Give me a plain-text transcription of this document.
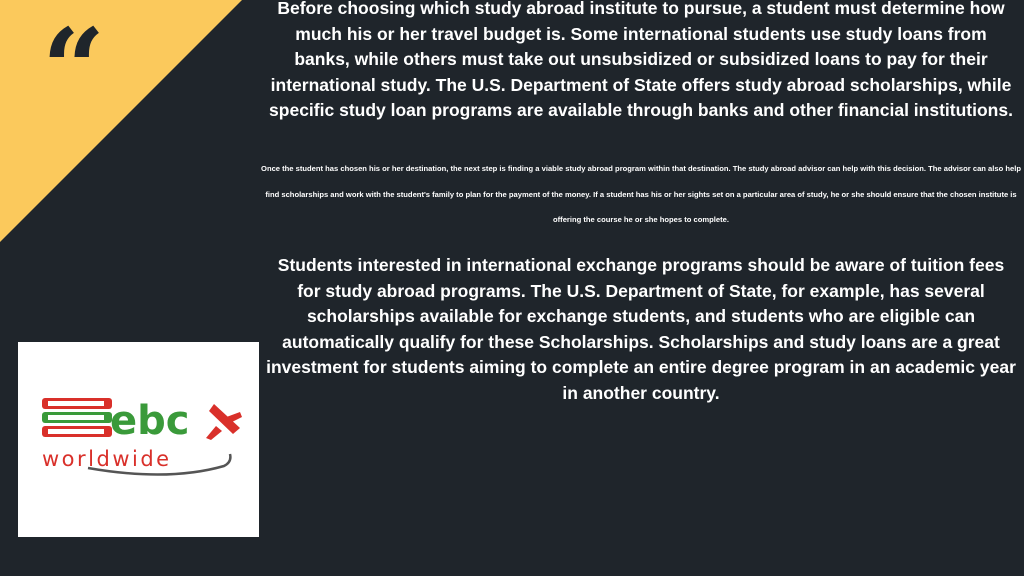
“
ebc
worldwide

Before choosing which study abroad institute to pursue, a student must determine how much his or her travel budget is. Some international students use study loans from banks, while others must take out unsubsidized or subsidized loans to pay for their international study. The U.S. Department of State offers study abroad scholarships, while specific study loan programs are available through banks and other financial institutions.

Once the student has chosen his or her destination, the next step is finding a viable study abroad program within that destination. The study abroad advisor can help with this decision. The advisor can also help find scholarships and work with the student's family to plan for the payment of the money. If a student has his or her sights set on a particular area of study, he or she should ensure that the chosen institute is offering the course he or she hopes to complete.

Students interested in international exchange programs should be aware of tuition fees for study abroad programs. The U.S. Department of State, for example, has several scholarships available for exchange students, and students who are eligible can automatically qualify for these Scholarships. Scholarships and study loans are a great investment for students aiming to complete an entire degree program in an academic year in another country.
